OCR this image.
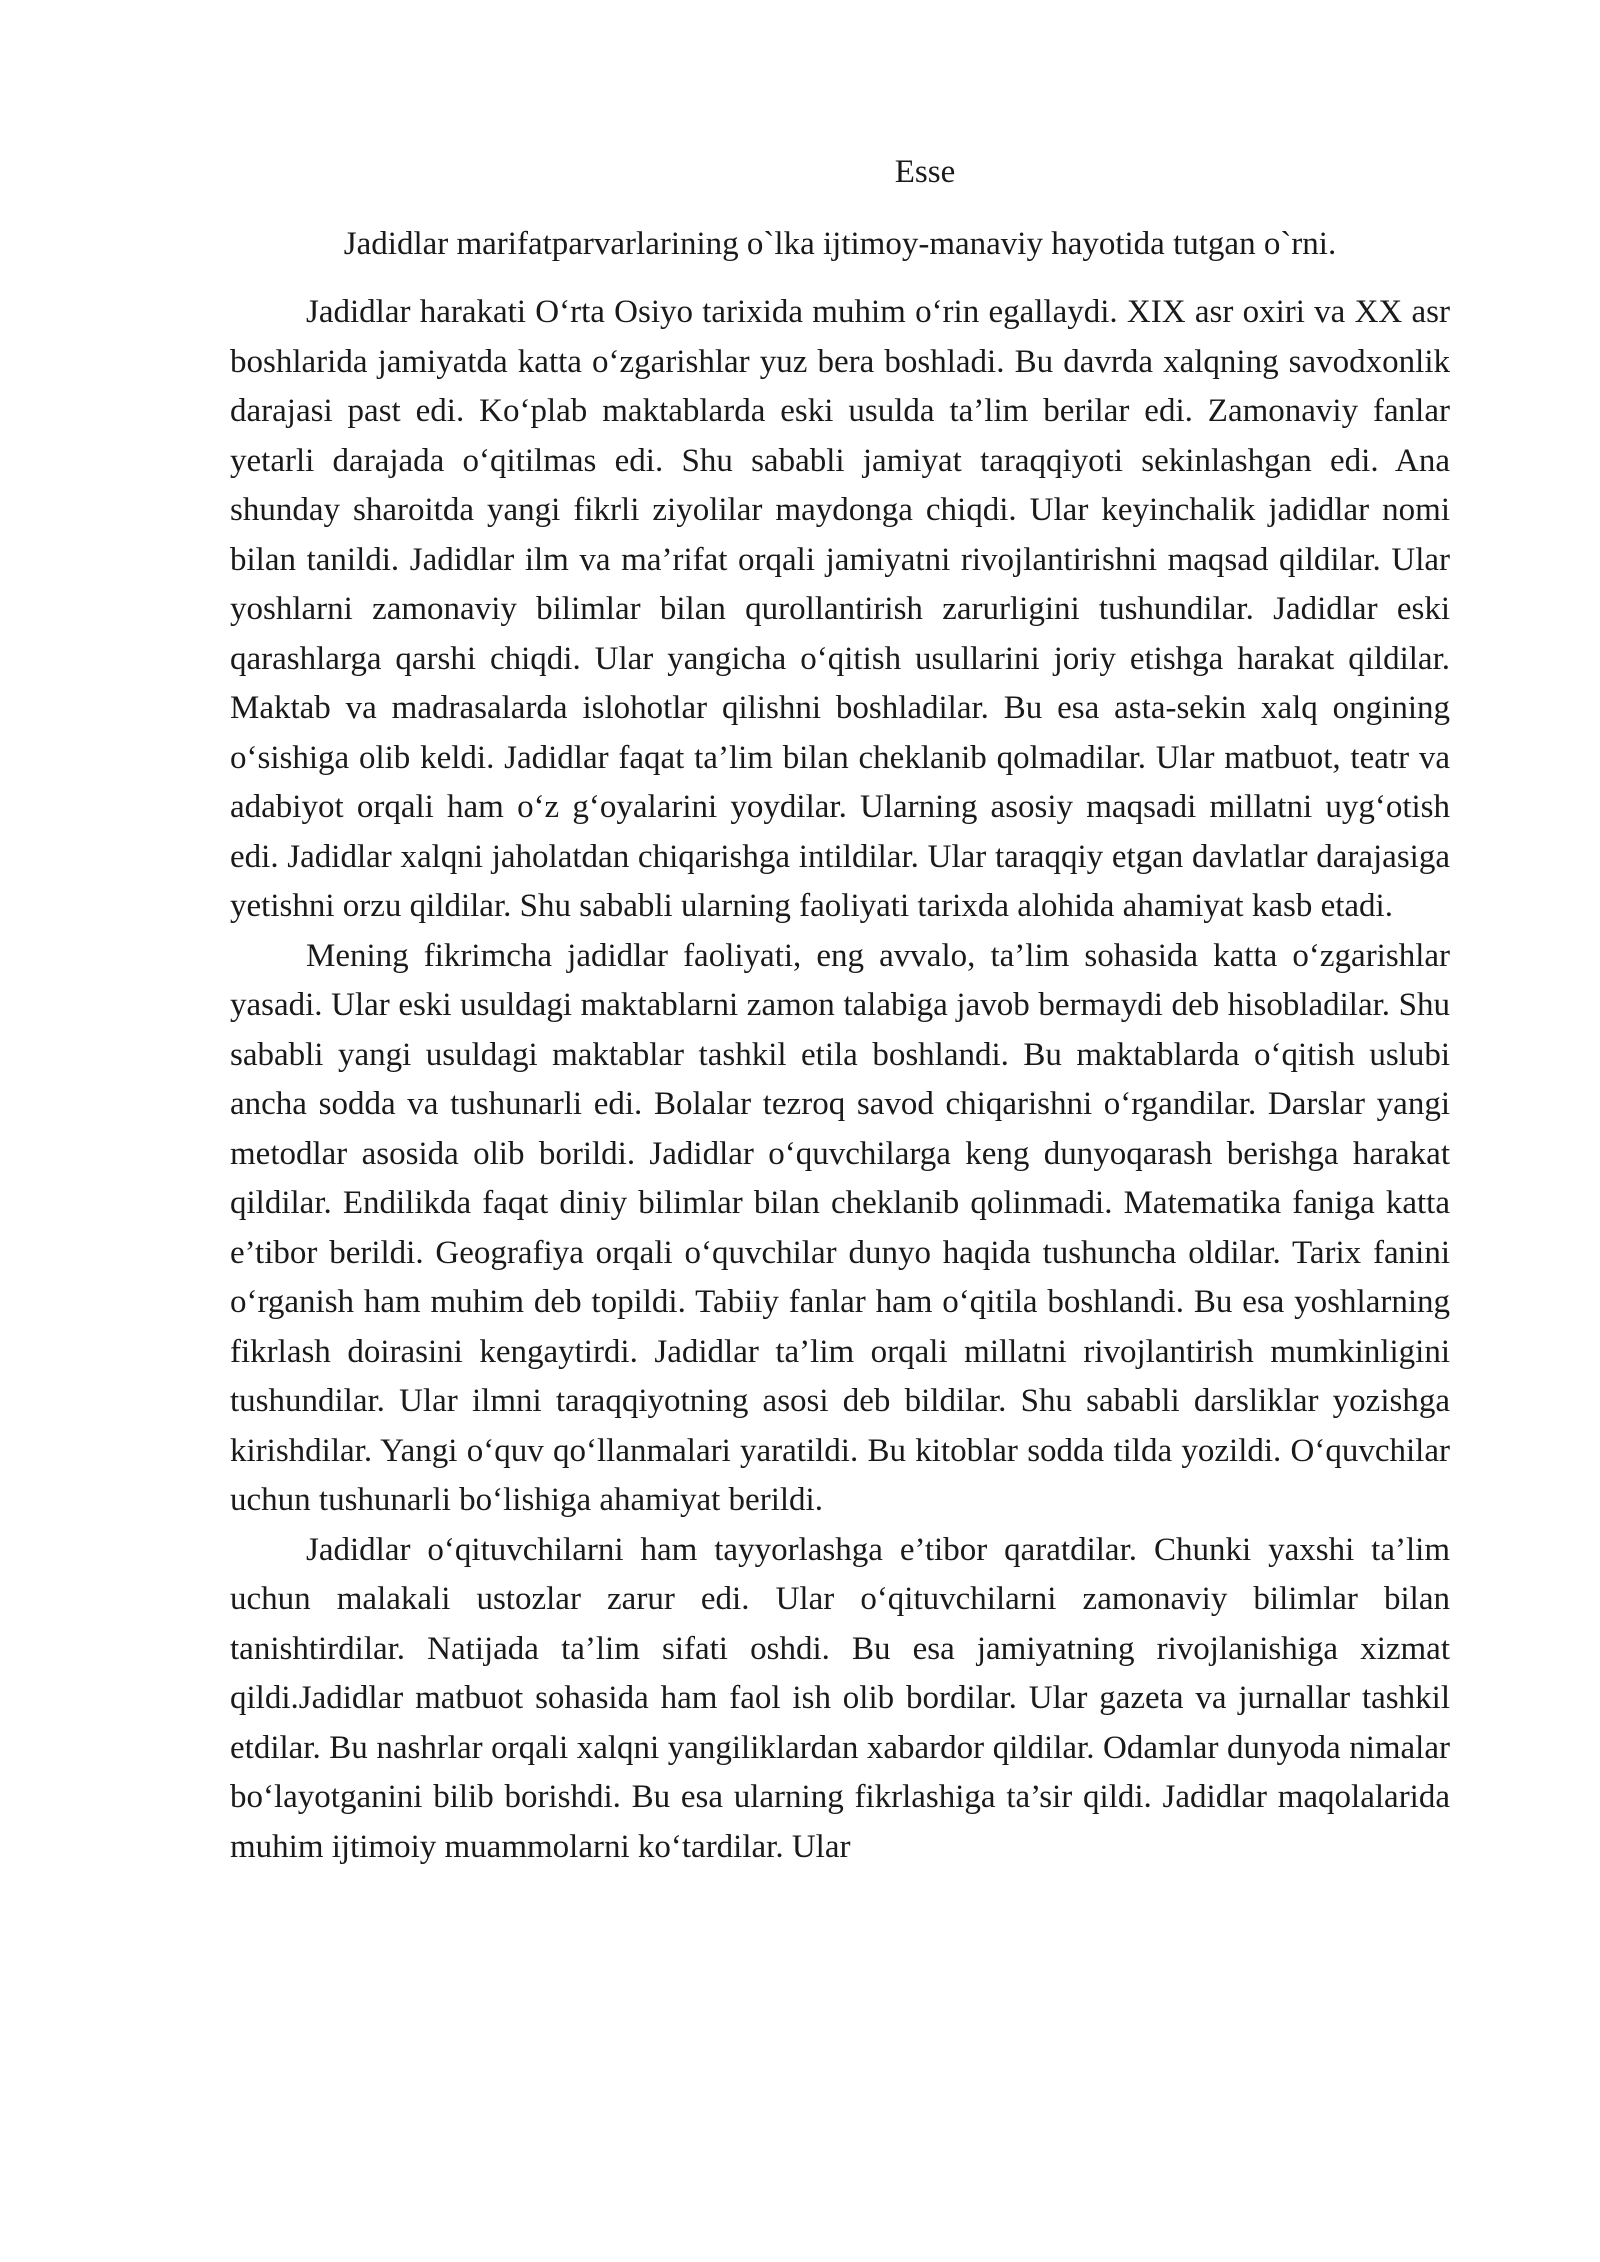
Esse
Jadidlar marifatparvarlarining o`lka ijtimoy-manaviy hayotida tutgan o`rni.

Jadidlar harakati O‘rta Osiyo tarixida muhim o‘rin egallaydi. XIX asr oxiri va XX asr boshlarida jamiyatda katta o‘zgarishlar yuz bera boshladi. Bu davrda xalqning savodxonlik darajasi past edi. Ko‘plab maktablarda eski usulda ta’lim berilar edi. Zamonaviy fanlar yetarli darajada o‘qitilmas edi. Shu sababli jamiyat taraqqiyoti sekinlashgan edi. Ana shunday sharoitda yangi fikrli ziyolilar maydonga chiqdi. Ular keyinchalik jadidlar nomi bilan tanildi. Jadidlar ilm va ma’rifat orqali jamiyatni rivojlantirishni maqsad qildilar. Ular yoshlarni zamonaviy bilimlar bilan qurollantirish zarurligini tushundilar. Jadidlar eski qarashlarga qarshi chiqdi. Ular yangicha o‘qitish usullarini joriy etishga harakat qildilar. Maktab va madrasalarda islohotlar qilishni boshladilar. Bu esa asta-sekin xalq ongining o‘sishiga olib keldi. Jadidlar faqat ta’lim bilan cheklanib qolmadilar. Ular matbuot, teatr va adabiyot orqali ham o‘z g‘oyalarini yoydilar. Ularning asosiy maqsadi millatni uyg‘otish edi. Jadidlar xalqni jaholatdan chiqarishga intildilar. Ular taraqqiy etgan davlatlar darajasiga yetishni orzu qildilar. Shu sababli ularning faoliyati tarixda alohida ahamiyat kasb etadi.

Mening fikrimcha jadidlar faoliyati, eng avvalo, ta’lim sohasida katta o‘zgarishlar yasadi. Ular eski usuldagi maktablarni zamon talabiga javob bermaydi deb hisobladilar. Shu sababli yangi usuldagi maktablar tashkil etila boshlandi. Bu maktablarda o‘qitish uslubi ancha sodda va tushunarli edi. Bolalar tezroq savod chiqarishni o‘rgandilar. Darslar yangi metodlar asosida olib borildi. Jadidlar o‘quvchilarga keng dunyoqarash berishga harakat qildilar. Endilikda faqat diniy bilimlar bilan cheklanib qolinmadi. Matematika faniga katta e’tibor berildi. Geografiya orqali o‘quvchilar dunyo haqida tushuncha oldilar. Tarix fanini o‘rganish ham muhim deb topildi. Tabiiy fanlar ham o‘qitila boshlandi. Bu esa yoshlarning fikrlash doirasini kengaytirdi. Jadidlar ta’lim orqali millatni rivojlantirish mumkinligini tushundilar. Ular ilmni taraqqiyotning asosi deb bildilar. Shu sababli darsliklar yozishga kirishdilar. Yangi o‘quv qo‘llanmalari yaratildi. Bu kitoblar sodda tilda yozildi. O‘quvchilar uchun tushunarli bo‘lishiga ahamiyat berildi.

Jadidlar o‘qituvchilarni ham tayyorlashga e’tibor qaratdilar. Chunki yaxshi ta’lim uchun malakali ustozlar zarur edi. Ular o‘qituvchilarni zamonaviy bilimlar bilan tanishtirdilar. Natijada ta’lim sifati oshdi. Bu esa jamiyatning rivojlanishiga xizmat qildi.Jadidlar matbuot sohasida ham faol ish olib bordilar. Ular gazeta va jurnallar tashkil etdilar. Bu nashrlar orqali xalqni yangiliklardan xabardor qildilar. Odamlar dunyoda nimalar bo‘layotganini bilib borishdi. Bu esa ularning fikrlashiga ta’sir qildi. Jadidlar maqolalarida muhim ijtimoiy muammolarni ko‘tardilar. Ular
